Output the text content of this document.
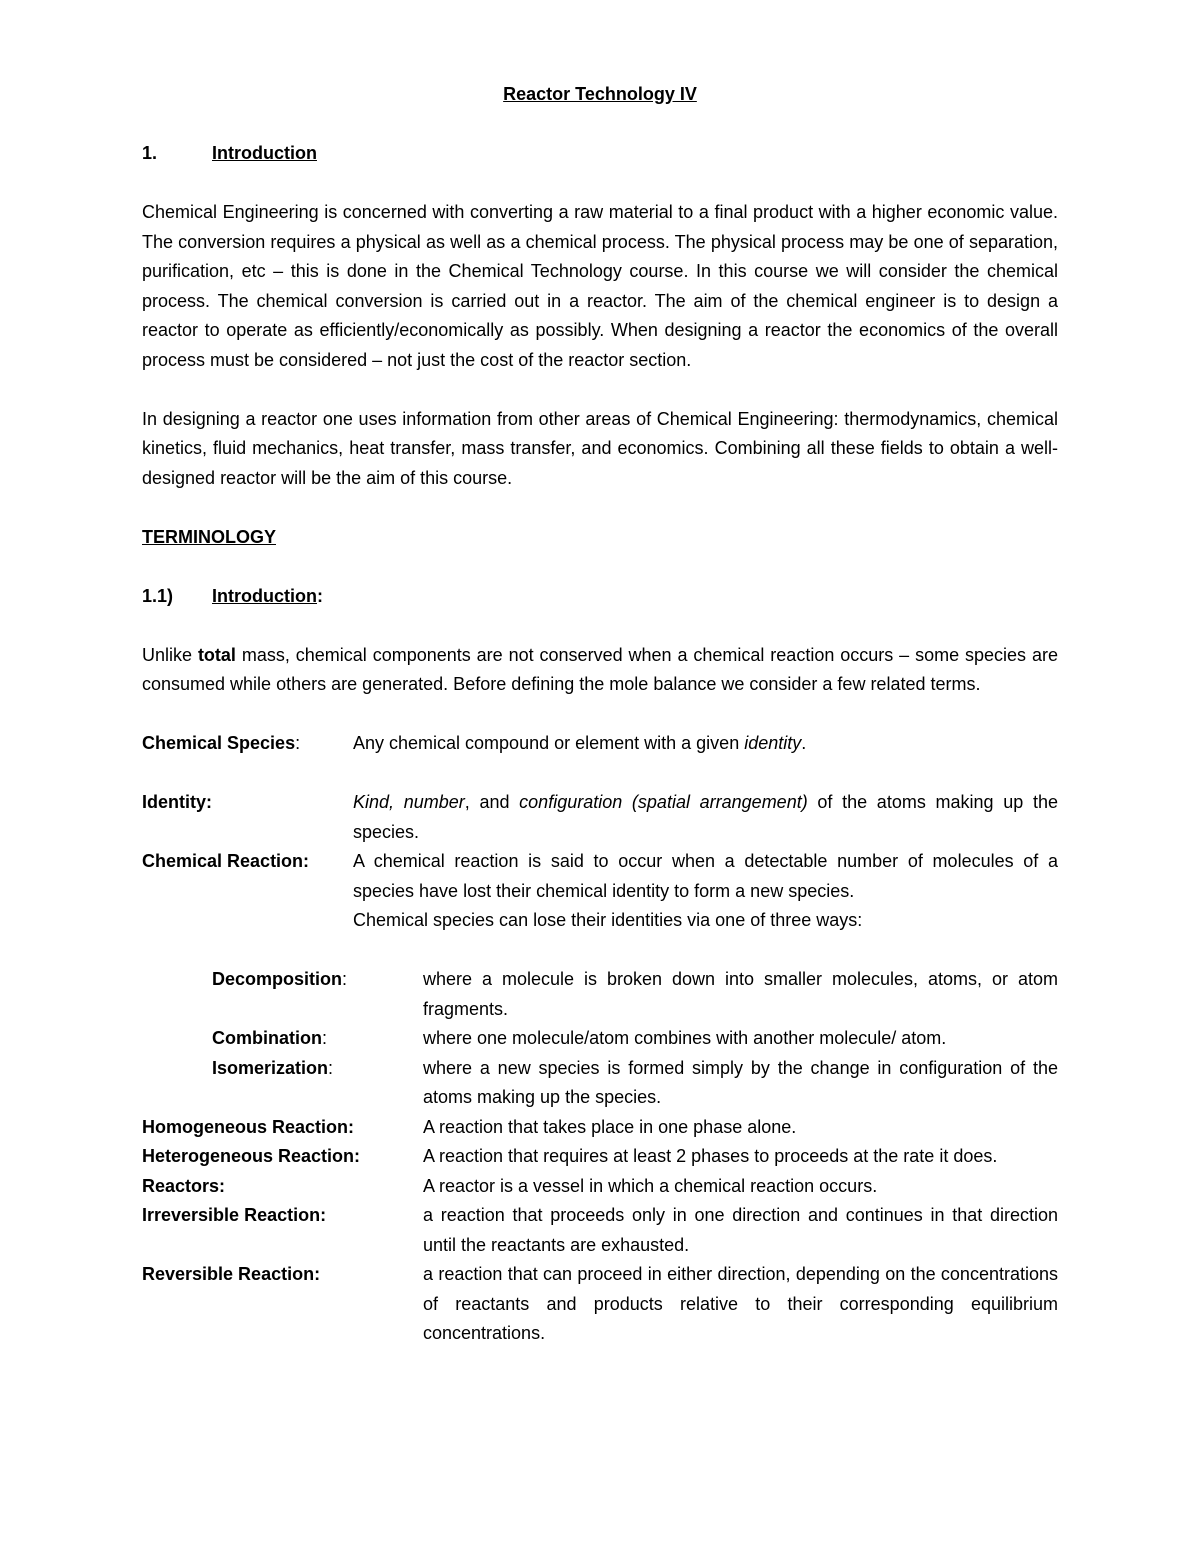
Reactor Technology IV
1.	Introduction

Chemical Engineering is concerned with converting a raw material to a final product with a higher economic value. The conversion requires a physical as well as a chemical process. The physical process may be one of separation, purification, etc – this is done in the Chemical Technology course. In this course we will consider the chemical process. The chemical conversion is carried out in a reactor. The aim of the chemical engineer is to design a reactor to operate as efficiently/economically as possibly. When designing a reactor the economics of the overall process must be considered – not just the cost of the reactor section.

In designing a reactor one uses information from other areas of Chemical Engineering: thermodynamics, chemical kinetics, fluid mechanics, heat transfer, mass transfer, and economics. Combining all these fields to obtain a well-designed reactor will be the aim of this course.

TERMINOLOGY
1.1)	Introduction:

Unlike total mass, chemical components are not conserved when a chemical reaction occurs – some species are consumed while others are generated. Before defining the mole balance we consider a few related terms.

Chemical Species:	Any chemical compound or element with a given identity.
Identity:	Kind, number, and configuration (spatial arrangement) of the atoms making up the species.
Chemical Reaction:	A chemical reaction is said to occur when a detectable number of molecules of a species have lost their chemical identity to form a new species.
Chemical species can lose their identities via one of three ways:
Decomposition:	where a molecule is broken down into smaller molecules, atoms, or atom fragments.
Combination:	where one molecule/atom combines with another molecule/ atom.
Isomerization:	where a new species is formed simply by the change in configuration of the atoms making up the species.
Homogeneous Reaction:	A reaction that takes place in one phase alone.
Heterogeneous Reaction:	A reaction that requires at least 2 phases to proceeds at the rate it does.
Reactors:	A reactor is a vessel in which a chemical reaction occurs.
Irreversible Reaction:	a reaction that proceeds only in one direction and continues in that direction until the reactants are exhausted.
Reversible Reaction:	a reaction that can proceed in either direction, depending on the concentrations of reactants and products relative to their corresponding equilibrium concentrations.
